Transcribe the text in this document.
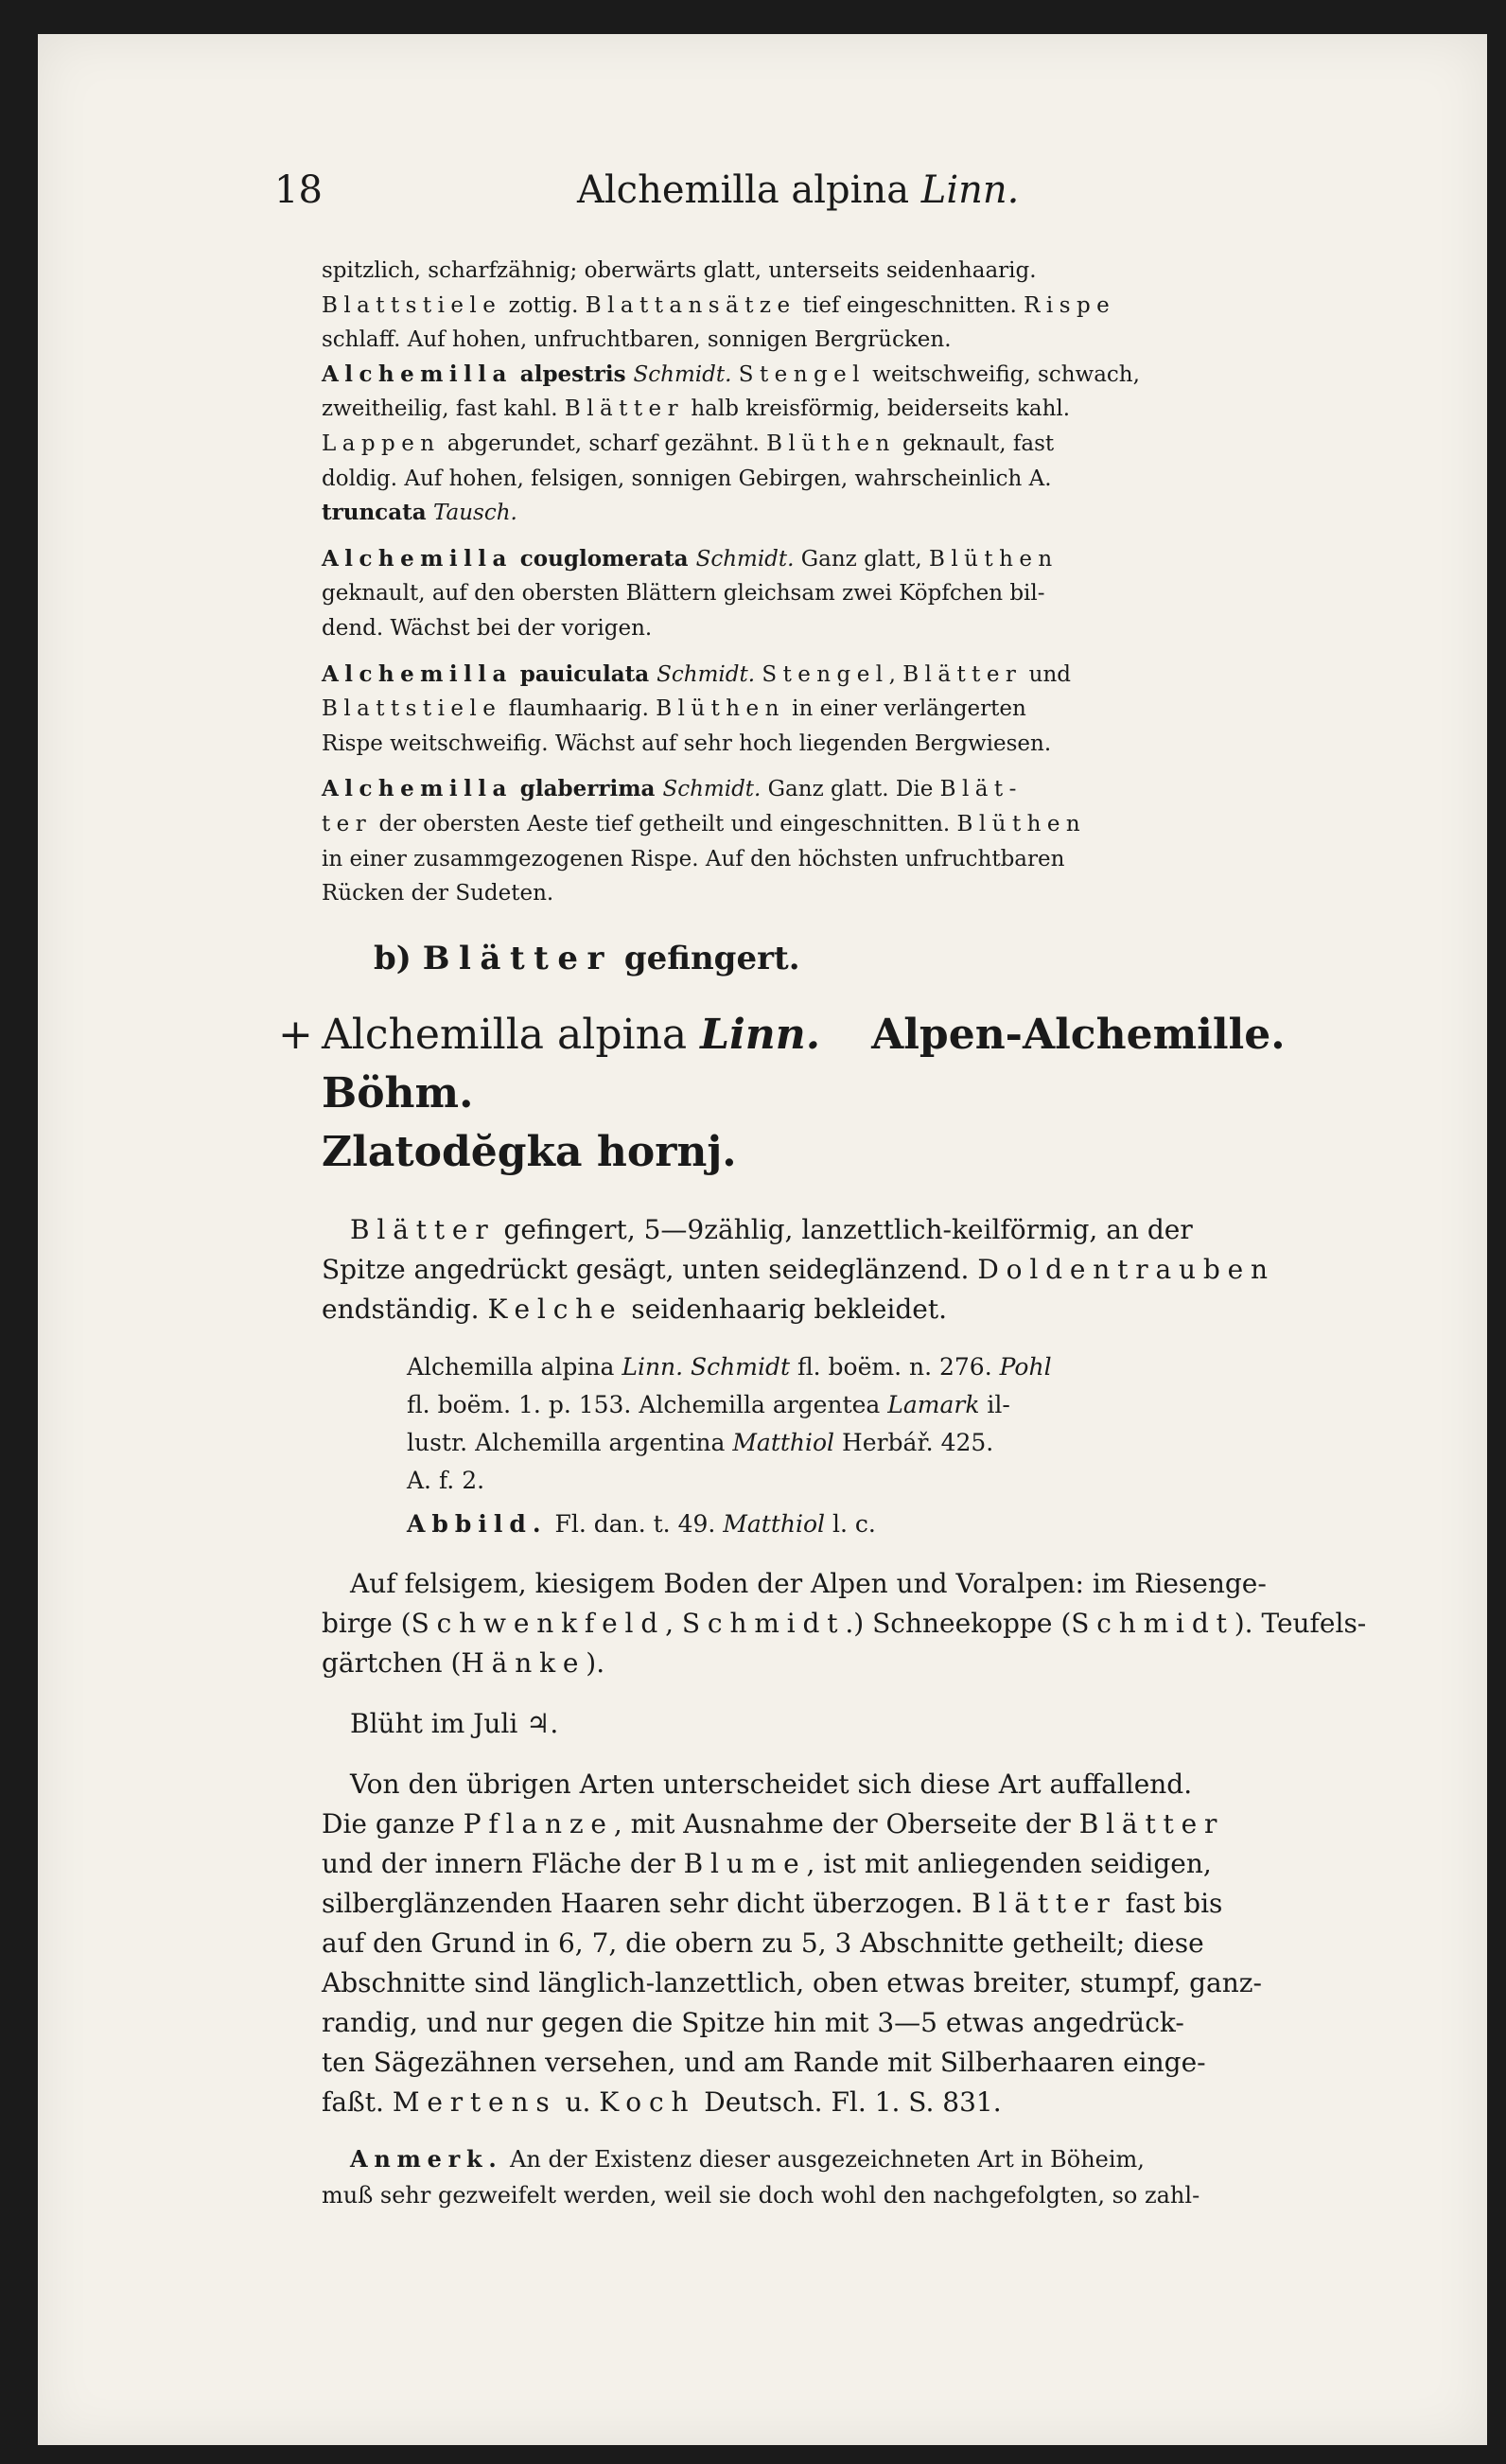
18	Alchemilla alpina Linn.

spitzlich, scharfzähnig; oberwärts glatt, unterseits seidenhaarig.
Blattstiele zottig. Blattansätze tief eingeschnitten. Rispe
schlaff. Auf hohen, unfruchtbaren, sonnigen Bergrücken.

Alchemilla alpestris Schmidt. Stengel weitschweifig, schwach,
zweitheilig, fast kahl. Blätter halb kreisförmig, beiderseits kahl.
Lappen abgerundet, scharf gezähnt. Blüthen geknault, fast
doldig. Auf hohen, felsigen, sonnigen Gebirgen, wahrscheinlich A.
truncata Tausch.

Alchemilla couglomerata Schmidt. Ganz glatt, Blüthen
geknault, auf den obersten Blättern gleichsam zwei Köpfchen bil-
dend. Wächst bei der vorigen.

Alchemilla pauiculata Schmidt. Stengel, Blätter und
Blattstiele flaumhaarig. Blüthen in einer verlängerten
Rispe weitschweifig. Wächst auf sehr hoch liegenden Bergwiesen.

Alchemilla glaberrima Schmidt. Ganz glatt. Die Blät-
ter der obersten Aeste tief getheilt und eingeschnitten. Blüthen
in einer zusammgezogenen Rispe. Auf den höchsten unfruchtbaren
Rücken der Sudeten.

b) Blätter gefingert.
+ Alchemilla alpina Linn. Alpen-Alchemille. Böhm.
Zlatodĕgka hornj.

Blätter gefingert, 5—9zählig, lanzettlich-keilförmig, an der
Spitze angedrückt gesägt, unten seideglänzend. Doldentrauben
endständig. Kelche seidenhaarig bekleidet.

Alchemilla alpina Linn. Schmidt fl. boëm. n. 276. Pohl
fl. boëm. 1. p. 153. Alchemilla argentea Lamark il-
lustr. Alchemilla argentina Matthiol Herbář. 425.
A. f. 2.
Abbild. Fl. dan. t. 49. Matthiol l. c.

Auf felsigem, kiesigem Boden der Alpen und Voralpen: im Riesenge-
birge (Schwenkfeld, Schmidt.) Schneekoppe (Schmidt). Teufels-
gärtchen (Hänke).

Blüht im Juli ♃.

Von den übrigen Arten unterscheidet sich diese Art auffallend.
Die ganze Pflanze, mit Ausnahme der Oberseite der Blätter
und der innern Fläche der Blume, ist mit anliegenden seidigen,
silberglänzenden Haaren sehr dicht überzogen. Blätter fast bis
auf den Grund in 6, 7, die obern zu 5, 3 Abschnitte getheilt; diese
Abschnitte sind länglich-lanzettlich, oben etwas breiter, stumpf, ganz-
randig, und nur gegen die Spitze hin mit 3—5 etwas angedrück-
ten Sägezähnen versehen, und am Rande mit Silberhaaren einge-
faßt. Mertens u. Koch Deutsch. Fl. 1. S. 831.

Anmerk. An der Existenz dieser ausgezeichneten Art in Böheim,
muß sehr gezweifelt werden, weil sie doch wohl den nachgefolgten, so zahl-
